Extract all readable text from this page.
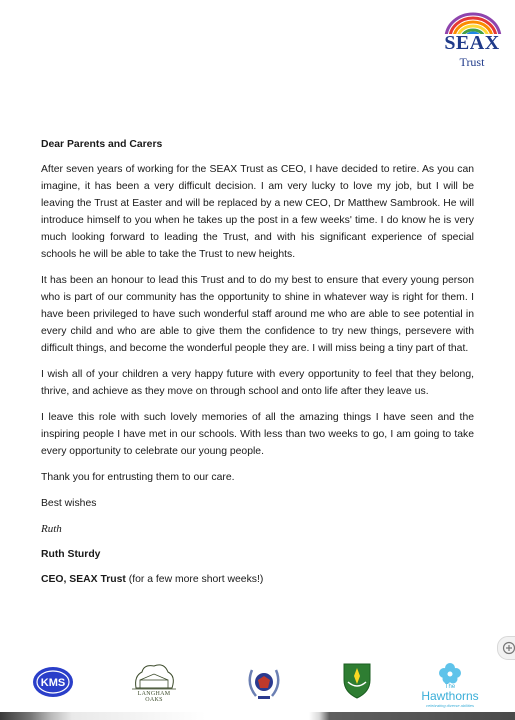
SEAX
Trust

Dear Parents and Carers

After seven years of working for the SEAX Trust as CEO, I have decided to retire. As you can imagine, it has been a very difficult decision. I am very lucky to love my job, but I will be leaving the Trust at Easter and will be replaced by a new CEO, Dr Matthew Sambrook. He will introduce himself to you when he takes up the post in a few weeks' time. I do know he is very much looking forward to leading the Trust, and with his significant experience of special schools he will be able to take the Trust to new heights.

It has been an honour to lead this Trust and to do my best to ensure that every young person who is part of our community has the opportunity to shine in whatever way is right for them. I have been privileged to have such wonderful staff around me who are able to see potential in every child and who are able to give them the confidence to try new things, persevere with difficult things, and become the wonderful people they are. I will miss being a tiny part of that.

I wish all of your children a very happy future with every opportunity to feel that they belong, thrive, and achieve as they move on through school and onto life after they leave us.

I leave this role with such lovely memories of all the amazing things I have seen and the inspiring people I have met in our schools. With less than two weeks to go, I am going to take every opportunity to celebrate our young people.

Thank you for entrusting them to our care.

Best wishes

Ruth

Ruth Sturdy

CEO, SEAX Trust (for a few more short weeks!)

KMS
LANGHAM OAKS
The
Hawthorns
celebrating diverse abilities
